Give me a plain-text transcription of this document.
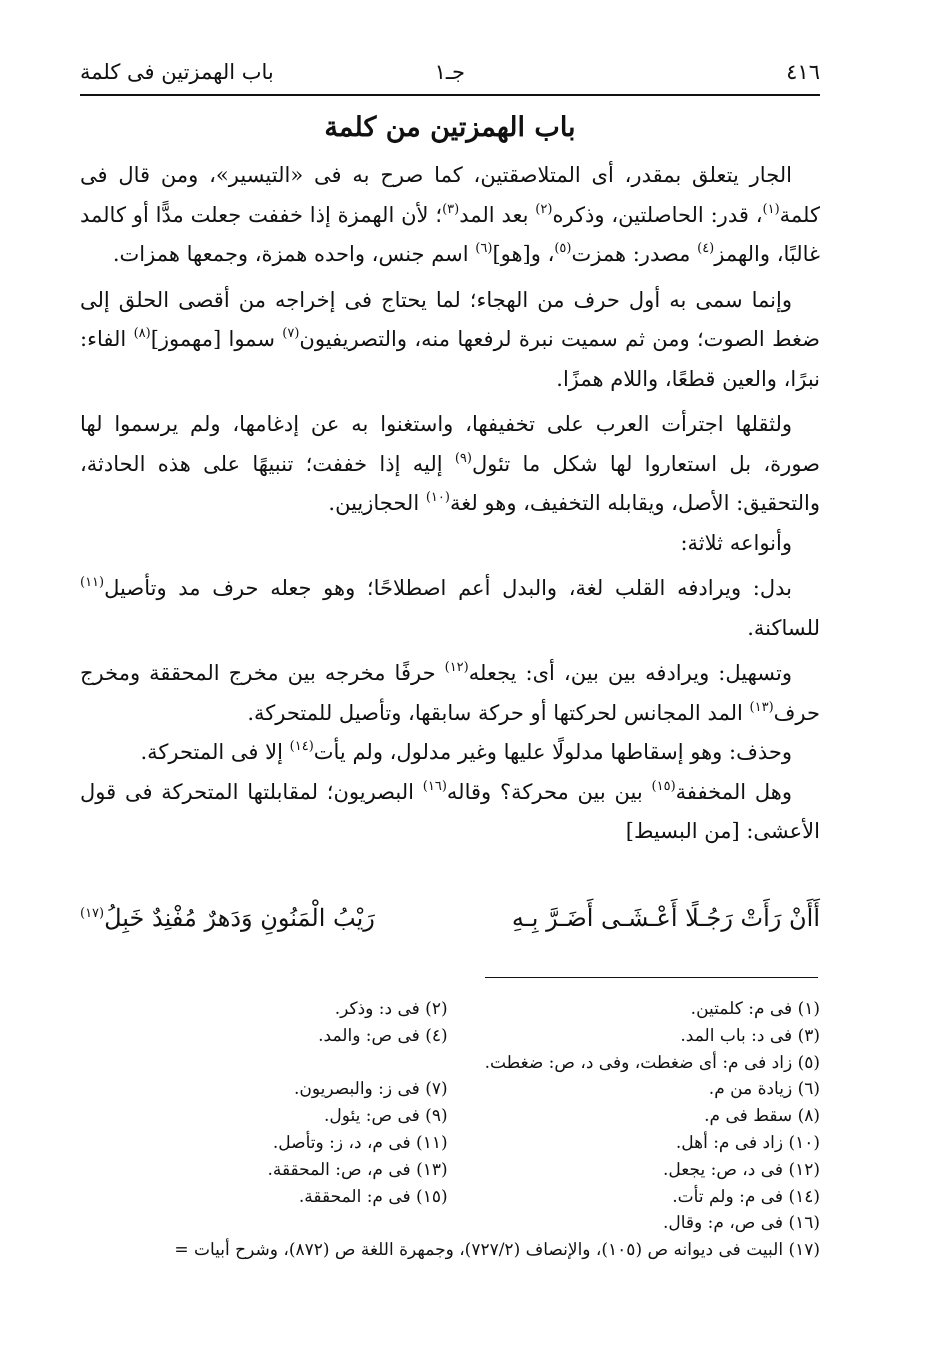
٤١٦
جـ١
باب الهمزتين فى كلمة
باب الهمزتين من كلمة

الجار يتعلق بمقدر، أى المتلاصقتين، كما صرح به فى «التيسير»، ومن قال فى كلمة$^{(١)}$، قدر: الحاصلتين، وذكره$^{(٢)}$ بعد المد$^{(٣)}$؛ لأن الهمزة إذا خففت جعلت مدًّا أو كالمد غالبًا، والهمز$^{(٤)}$ مصدر: همزت$^{(٥)}$، و[هو]$^{(٦)}$ اسم جنس، واحده همزة، وجمعها همزات.

وإنما سمى به أول حرف من الهجاء؛ لما يحتاج فى إخراجه من أقصى الحلق إلى ضغط الصوت؛ ومن ثم سميت نبرة لرفعها منه، والتصريفيون$^{(٧)}$ سموا [مهموز]$^{(٨)}$ الفاء: نبرًا، والعين قطعًا، واللام همزًا.

ولثقلها اجترأت العرب على تخفيفها، واستغنوا به عن إدغامها، ولم يرسموا لها صورة، بل استعاروا لها شكل ما تئول$^{(٩)}$ إليه إذا خففت؛ تنبيهًا على هذه الحادثة، والتحقيق: الأصل، ويقابله التخفيف، وهو لغة$^{(١٠)}$ الحجازيين.

وأنواعه ثلاثة:

بدل: ويرادفه القلب لغة، والبدل أعم اصطلاحًا؛ وهو جعله حرف مد وتأصيل$^{(١١)}$ للساكنة.

وتسهيل: ويرادفه بين بين، أى: يجعله$^{(١٢)}$ حرفًا مخرجه بين مخرج المحققة ومخرج حرف$^{(١٣)}$ المد المجانس لحركتها أو حركة سابقها، وتأصيل للمتحركة.

وحذف: وهو إسقاطها مدلولًا عليها وغير مدلول، ولم يأت$^{(١٤)}$ إلا فى المتحركة.

وهل المخففة$^{(١٥)}$ بين بين محركة؟ وقاله$^{(١٦)}$ البصريون؛ لمقابلتها المتحركة فى قول الأعشى: [من البسيط]

أَأَنْ رَأَتْ رَجُـلًا أَعْـشَـى أَضَـرَّ بِـهِ
رَيْبُ الْمَنُونِ وَدَهرٌ مُفْنِدٌ خَبِلُ$^{(١٧)}$
(١) فى م: كلمتين.
(٢) فى د: وذكر.
(٣) فى د: باب المد.
(٤) فى ص: والمد.
(٥) زاد فى م: أى ضغطت، وفى د، ص: ضغطت.
(٦) زيادة من م.
(٧) فى ز: والبصريون.
(٨) سقط فى م.
(٩) فى ص: يئول.
(١٠) زاد فى م: أهل.
(١١) فى م، د، ز: وتأصل.
(١٢) فى د، ص: يجعل.
(١٣) فى م، ص: المحققة.
(١٤) فى م: ولم تأت.
(١٥) فى م: المحققة.
(١٦) فى ص، م: وقال.
(١٧) البيت فى ديوانه ص (١٠٥)، والإنصاف (٧٢٧/٢)، وجمهرة اللغة ص (٨٧٢)، وشرح أبيات =
